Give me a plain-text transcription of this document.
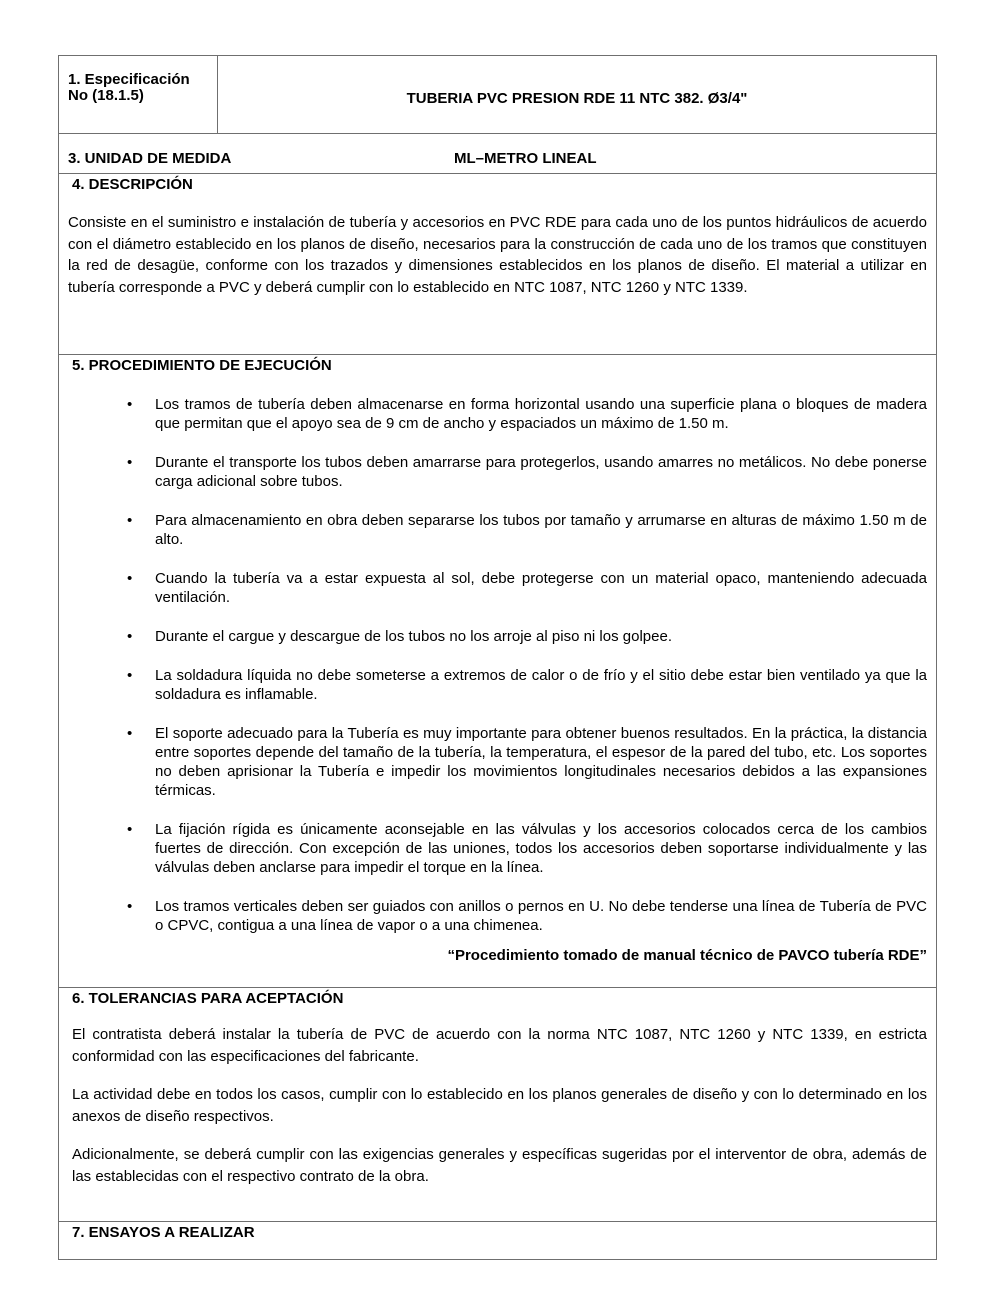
1. Especificación
No (18.1.5)	TUBERIA PVC PRESION RDE 11 NTC 382. Ø3/4"
3. UNIDAD DE MEDIDA	ML–METRO LINEAL
4. DESCRIPCIÓN

Consiste en el suministro e instalación de tubería y accesorios en PVC RDE para cada uno de los puntos hidráulicos de acuerdo con el diámetro establecido en los planos de diseño, necesarios para la construcción de cada uno de los tramos que constituyen la red de desagüe, conforme con los trazados y dimensiones establecidos en los planos de diseño. El material a utilizar en tubería corresponde a PVC y deberá cumplir con lo establecido en NTC 1087, NTC 1260 y NTC 1339.

5. PROCEDIMIENTO DE EJECUCIÓN
• Los tramos de tubería deben almacenarse en forma horizontal usando una superficie plana o bloques de madera que permitan que el apoyo sea de 9 cm de ancho y espaciados un máximo de 1.50 m.
• Durante el transporte los tubos deben amarrarse para protegerlos, usando amarres no metálicos. No debe ponerse carga adicional sobre tubos.
• Para almacenamiento en obra deben separarse los tubos por tamaño y arrumarse en alturas de máximo 1.50 m de alto.
• Cuando la tubería va a estar expuesta al sol, debe protegerse con un material opaco, manteniendo adecuada ventilación.
• Durante el cargue y descargue de los tubos no los arroje al piso ni los golpee.
• La soldadura líquida no debe someterse a extremos de calor o de frío y el sitio debe estar bien ventilado ya que la soldadura es inflamable.
• El soporte adecuado para la Tubería es muy importante para obtener buenos resultados. En la práctica, la distancia entre soportes depende del tamaño de la tubería, la temperatura, el espesor de la pared del tubo, etc. Los soportes no deben aprisionar la Tubería e impedir los movimientos longitudinales necesarios debidos a las expansiones térmicas.
• La fijación rígida es únicamente aconsejable en las válvulas y los accesorios colocados cerca de los cambios fuertes de dirección. Con excepción de las uniones, todos los accesorios deben soportarse individualmente y las válvulas deben anclarse para impedir el torque en la línea.
• Los tramos verticales deben ser guiados con anillos o pernos en U. No debe tenderse una línea de Tubería de PVC o CPVC, contigua a una línea de vapor o a una chimenea.
“Procedimiento tomado de manual técnico de PAVCO tubería RDE”
6. TOLERANCIAS PARA ACEPTACIÓN

El contratista deberá instalar la tubería de PVC de acuerdo con la norma NTC 1087, NTC 1260 y NTC 1339, en estricta conformidad con las especificaciones del fabricante.

La actividad debe en todos los casos, cumplir con lo establecido en los planos generales de diseño y con lo determinado en los anexos de diseño respectivos.

Adicionalmente, se deberá cumplir con las exigencias generales y específicas sugeridas por el interventor de obra, además de las establecidas con el respectivo contrato de la obra.

7. ENSAYOS A REALIZAR
